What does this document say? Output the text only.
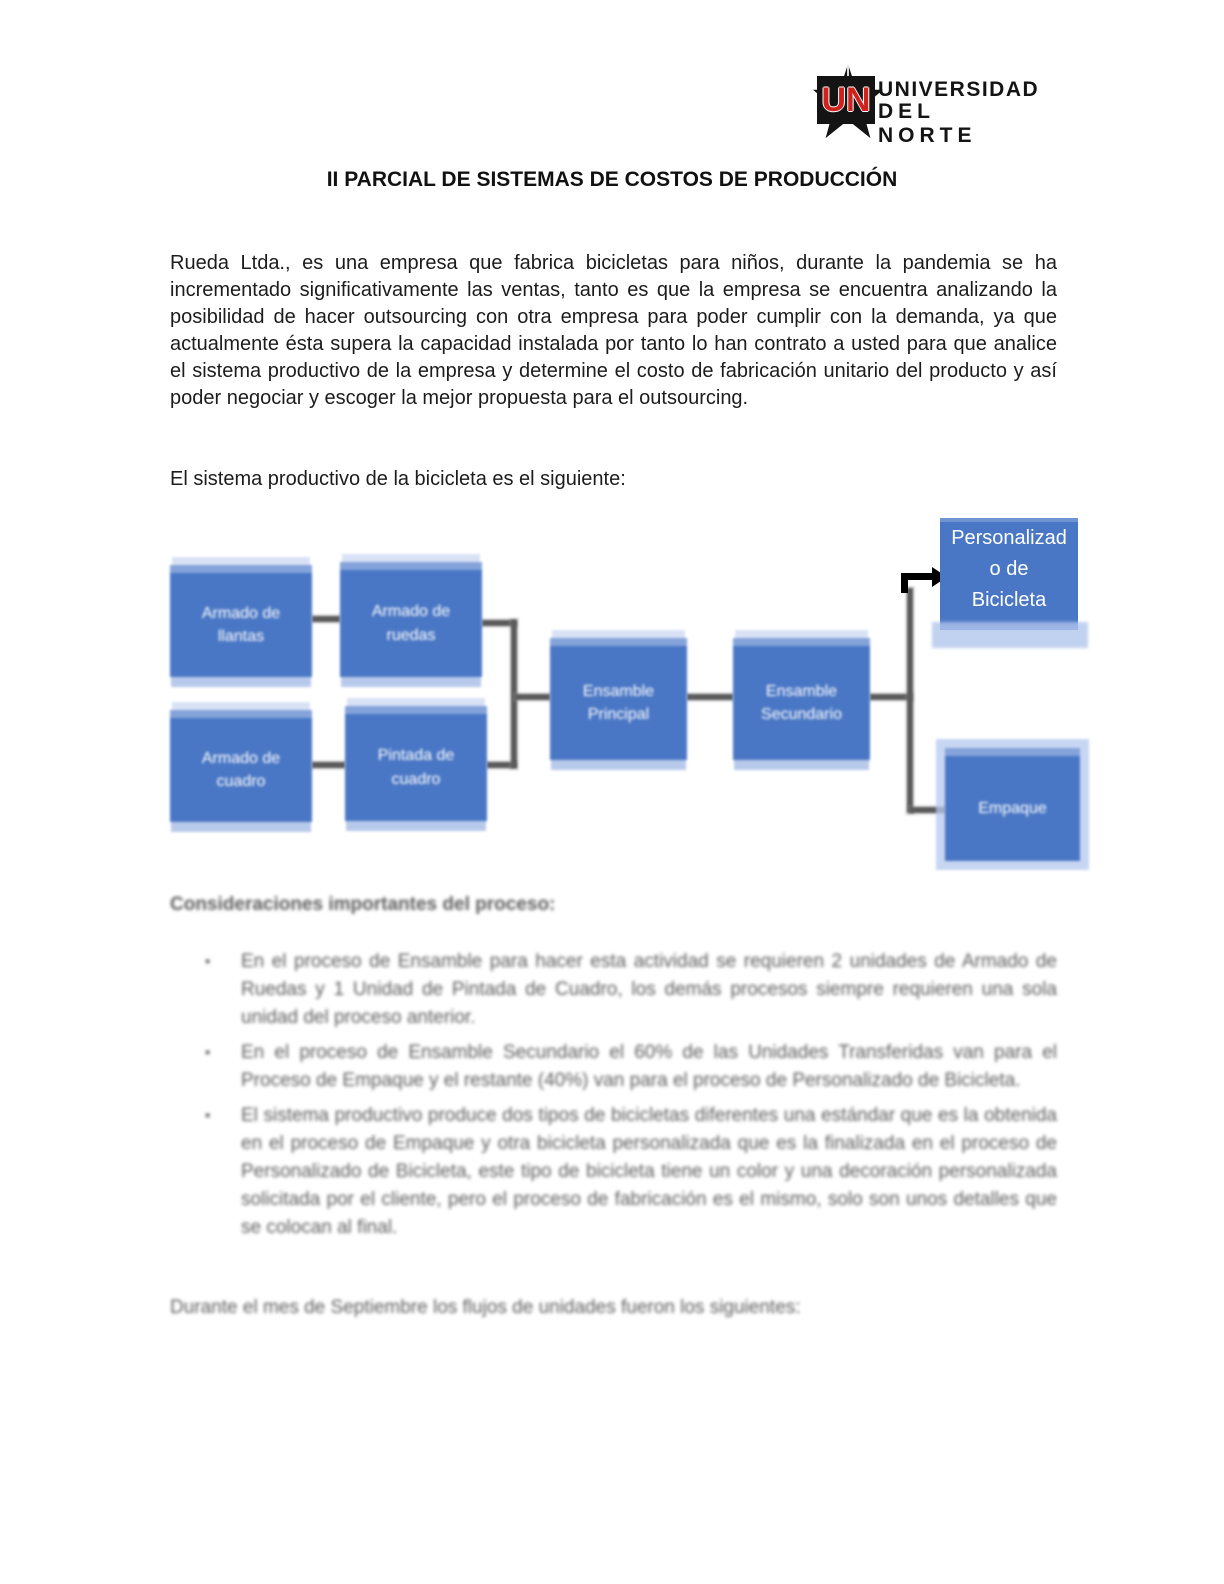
UN UNIVERSIDAD
DEL NORTE
II PARCIAL DE SISTEMAS DE COSTOS DE PRODUCCIÓN
Rueda Ltda., es una empresa que fabrica bicicletas para niños, durante la pandemia se ha incrementado significativamente las ventas, tanto es que la empresa se encuentra analizando la posibilidad de hacer outsourcing con otra empresa para poder cumplir con la demanda, ya que actualmente ésta supera la capacidad instalada por tanto lo han contrato a usted para que analice el sistema productivo de la empresa y determine el costo de fabricación unitario del producto y así poder negociar y escoger la mejor propuesta para el outsourcing.
El sistema productivo de la bicicleta es el siguiente:
Armado de llantas
Armado de ruedas
Armado de cuadro
Pintada de cuadro
Ensamble Principal
Ensamble Secundario
Personalizado de Bicicleta
Empaque
Consideraciones importantes del proceso:
▪ En el proceso de Ensamble para hacer esta actividad se requieren 2 unidades de Armado de Ruedas y 1 Unidad de Pintada de Cuadro, los demás procesos siempre requieren una sola unidad del proceso anterior.
▪ En el proceso de Ensamble Secundario el 60% de las Unidades Transferidas van para el Proceso de Empaque y el restante (40%) van para el proceso de Personalizado de Bicicleta.
▪ El sistema productivo produce dos tipos de bicicletas diferentes una estándar que es la obtenida en el proceso de Empaque y otra bicicleta personalizada que es la finalizada en el proceso de Personalizado de Bicicleta, este tipo de bicicleta tiene un color y una decoración personalizada solicitada por el cliente, pero el proceso de fabricación es el mismo, solo son unos detalles que se colocan al final.
Durante el mes de Septiembre los flujos de unidades fueron los siguientes:
